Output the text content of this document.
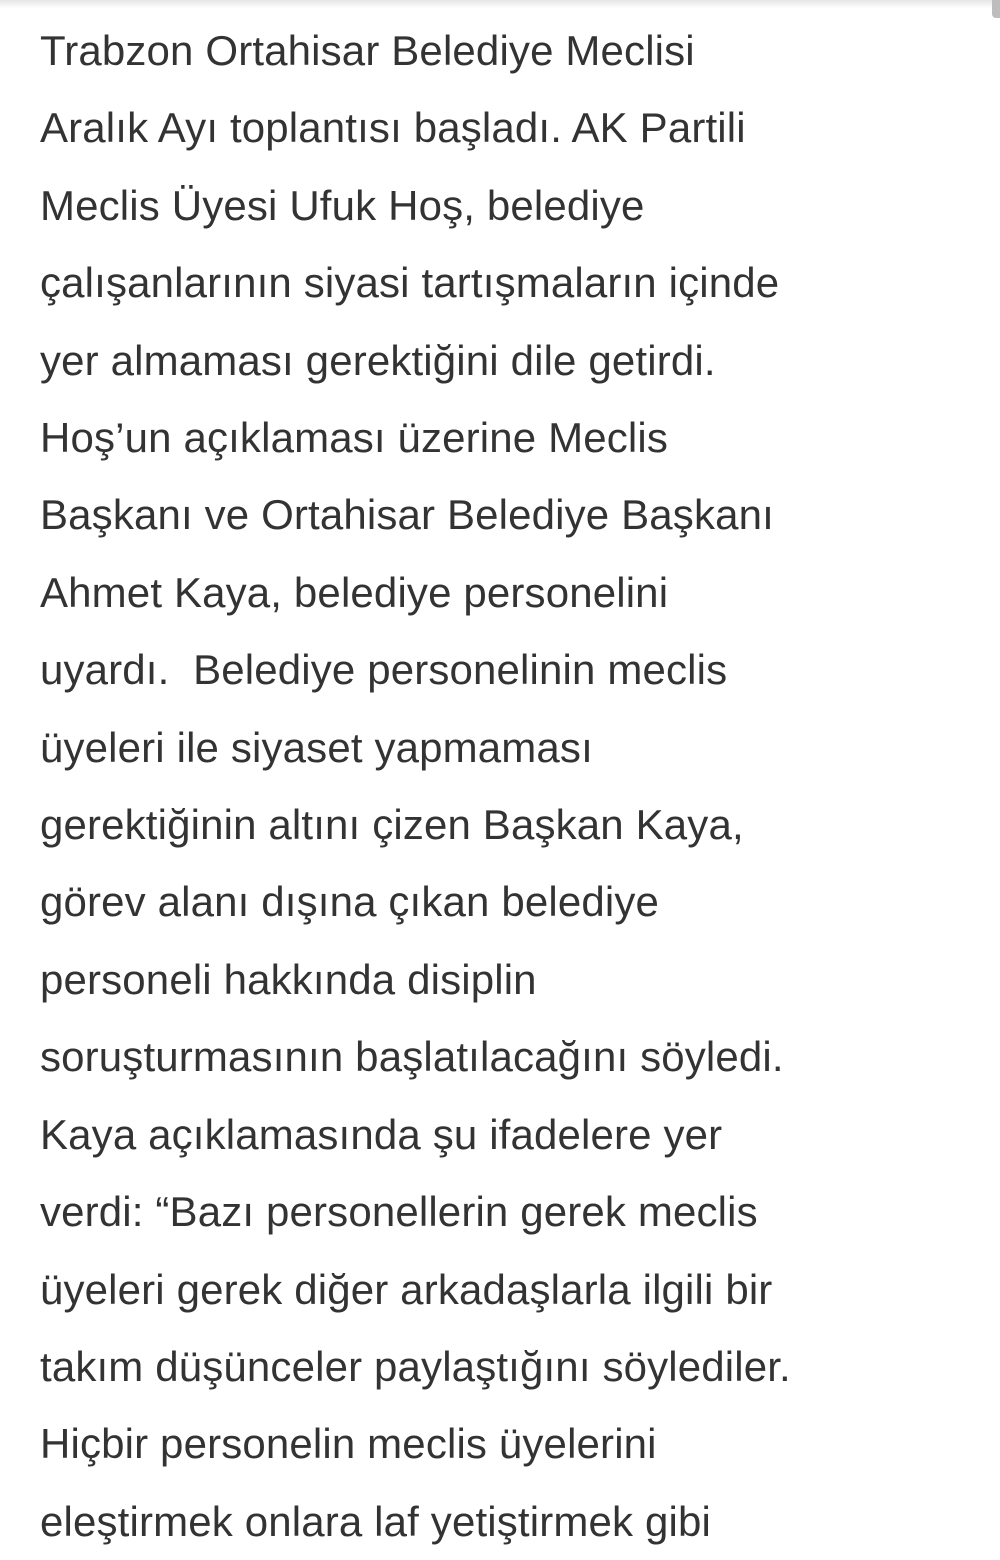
Trabzon Ortahisar Belediye Meclisi
Aralık Ayı toplantısı başladı. AK Partili
Meclis Üyesi Ufuk Hoş, belediye
çalışanlarının siyasi tartışmaların içinde
yer almaması gerektiğini dile getirdi.
Hoş’un açıklaması üzerine Meclis
Başkanı ve Ortahisar Belediye Başkanı
Ahmet Kaya, belediye personelini
uyardı.  Belediye personelinin meclis
üyeleri ile siyaset yapmaması
gerektiğinin altını çizen Başkan Kaya,
görev alanı dışına çıkan belediye
personeli hakkında disiplin
soruşturmasının başlatılacağını söyledi.
Kaya açıklamasında şu ifadelere yer
verdi: “Bazı personellerin gerek meclis
üyeleri gerek diğer arkadaşlarla ilgili bir
takım düşünceler paylaştığını söylediler.
Hiçbir personelin meclis üyelerini
eleştirmek onlara laf yetiştirmek gibi
